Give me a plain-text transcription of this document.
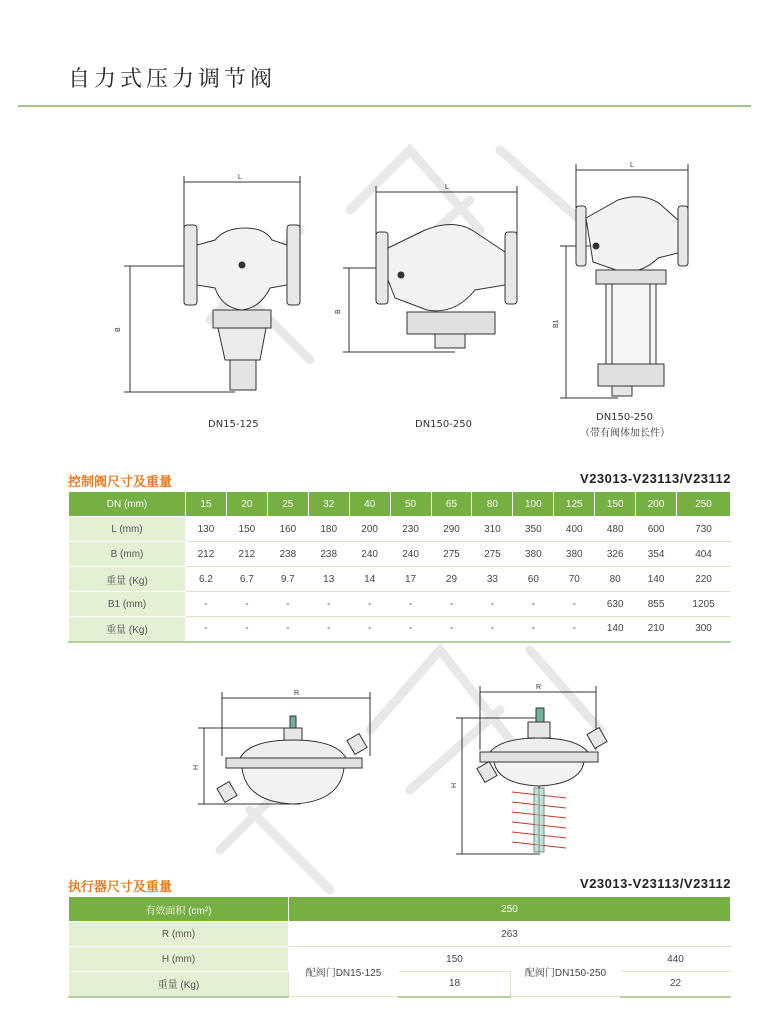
自力式压力调节阀
L
B
DN15-125
L
B
DN150-250
L
B1
DN150-250
（带有阀体加长件）
控制阀尺寸及重量	V23013-V23113/V23112
DN (mm)	15	20	25	32	40	50	65	80	100	125	150	200	250
L (mm)	130	150	160	180	200	230	290	310	350	400	480	600	730
B (mm)	212	212	238	238	240	240	275	275	380	380	326	354	404
重量 (Kg)	6.2	6.7	9.7	13	14	17	29	33	60	70	80	140	220
B1 (mm)	-	-	-	-	-	-	-	-	-	-	630	855	1205
重量 (Kg)	-	-	-	-	-	-	-	-	-	-	140	210	300
R
H
R
H
执行器尺寸及重量	V23013-V23113/V23112
有效面积 (cm²)	250			
R (mm)	263			
H (mm)	配阀门DN15-125	150	配阀门DN150-250	440
重量 (Kg)		18		22
